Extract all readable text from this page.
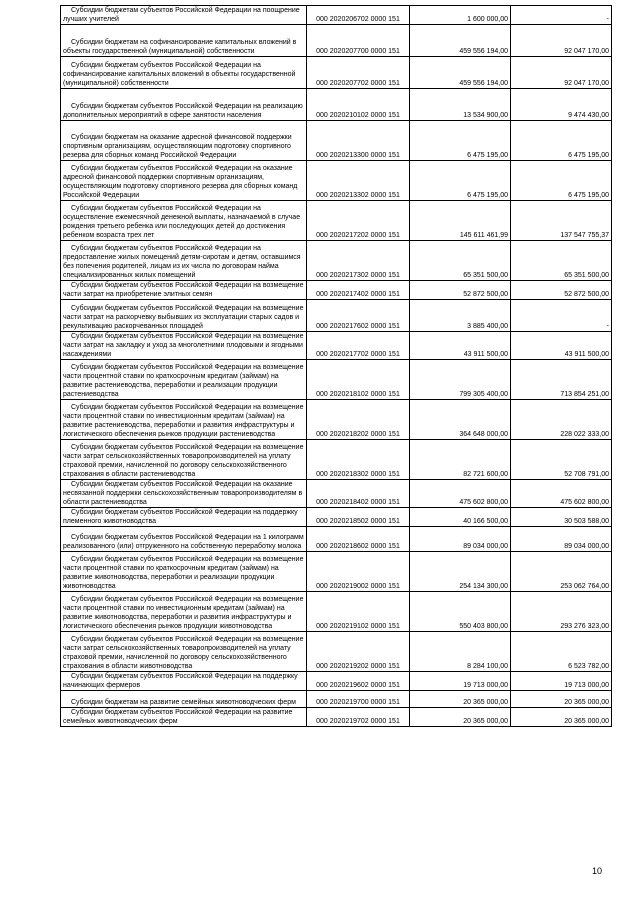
Субсидии бюджетам субъектов Российской Федерации на поощрение лучших учителей	000 2020206702 0000 151	1 600 000,00	-

Субсидии бюджетам на софинансирование капитальных вложений в объекты государственной (муниципальной) собственности	000 2020207700 0000 151	459 556 194,00	92 047 170,00

Субсидии бюджетам субъектов Российской Федерации на софинансирование капитальных вложений в объекты государственной (муниципальной) собственности	000 2020207702 0000 151	459 556 194,00	92 047 170,00

Субсидии бюджетам субъектов Российской Федерации на реализацию дополнительных мероприятий в сфере занятости населения	000 2020210102 0000 151	13 534 900,00	9 474 430,00

Субсидии бюджетам на оказание адресной финансовой поддержки спортивным организациям, осуществляющим подготовку спортивного резерва для сборных команд Российской Федерации	000 2020213300 0000 151	6 475 195,00	6 475 195,00

Субсидии бюджетам субъектов Российской Федерации на оказание адресной финансовой поддержки спортивным организациям, осуществляющим подготовку спортивного резерва для сборных команд Российской Федерации	000 2020213302 0000 151	6 475 195,00	6 475 195,00

Субсидии бюджетам субъектов Российской Федерации на осуществление ежемесячной денежной выплаты, назначаемой в случае рождения третьего ребенка или последующих детей до достижения ребенком возраста трех лет	000 2020217202 0000 151	145 611 461,99	137 547 755,37

Субсидии бюджетам субъектов Российской Федерации на предоставление жилых помещений детям-сиротам и детям, оставшимся без попечения родителей, лицам из их числа по договорам найма специализированных жилых помещений	000 2020217302 0000 151	65 351 500,00	65 351 500,00

Субсидии бюджетам субъектов Российской Федерации на возмещение части затрат на приобретение элитных семян	000 2020217402 0000 151	52 872 500,00	52 872 500,00

Субсидии бюджетам субъектов Российской Федерации на возмещение части затрат на раскорчевку выбывших из эксплуатации старых садов и рекультивацию раскорчеванных площадей	000 2020217602 0000 151	3 885 400,00	-

Субсидии бюджетам субъектов Российской Федерации на возмещение части затрат на закладку и уход за многолетними плодовыми и ягодными насаждениями	000 2020217702 0000 151	43 911 500,00	43 911 500,00

Субсидии бюджетам субъектов Российской Федерации на возмещение части процентной ставки по краткосрочным кредитам (займам) на развитие растениеводства, переработки и реализации продукции растениеводства	000 2020218102 0000 151	799 305 400,00	713 854 251,00

Субсидии бюджетам субъектов Российской Федерации на возмещение части процентной ставки по инвестиционным кредитам (займам) на развитие растениеводства, переработки и развития инфраструктуры и логистического обеспечения рынков продукции растениеводства	000 2020218202 0000 151	364 648 000,00	228 022 333,00

Субсидии бюджетам субъектов Российской Федерации на возмещение части затрат сельскохозяйственных товаропроизводителей на уплату страховой премии, начисленной по договору сельскохозяйственного страхования в области растениеводства	000 2020218302 0000 151	82 721 600,00	52 708 791,00

Субсидии бюджетам субъектов Российской Федерации на оказание несвязанной поддержки сельскохозяйственным товаропроизводителям в области растениеводства	000 2020218402 0000 151	475 602 800,00	475 602 800,00

Субсидии бюджетам субъектов Российской Федерации на поддержку племенного животноводства	000 2020218502 0000 151	40 166 500,00	30 503 588,00

Субсидии бюджетам субъектов Российской Федерации на 1 килограмм реализованного (или) отгруженного на собственную переработку молока	000 2020218602 0000 151	89 034 000,00	89 034 000,00

Субсидии бюджетам субъектов Российской Федерации на возмещение части процентной ставки по краткосрочным кредитам (займам) на развитие животноводства, переработки и реализации продукции животноводства	000 2020219002 0000 151	254 134 300,00	253 062 764,00

Субсидии бюджетам субъектов Российской Федерации на возмещение части процентной ставки по инвестиционным кредитам (займам) на развитие животноводства, переработки и развития инфраструктуры и логистического обеспечения рынков продукции животноводства	000 2020219102 0000 151	550 403 800,00	293 276 323,00

Субсидии бюджетам субъектов Российской Федерации на возмещение части затрат сельскохозяйственных товаропроизводителей на уплату страховой премии, начисленной по договору сельскохозяйственного страхования в области животноводства	000 2020219202 0000 151	8 284 100,00	6 523 782,00

Субсидии бюджетам субъектов Российской Федерации на поддержку начинающих фермеров	000 2020219602 0000 151	19 713 000,00	19 713 000,00

Субсидии бюджетам на развитие семейных животноводческих ферм	000 2020219700 0000 151	20 365 000,00	20 365 000,00

Субсидии бюджетам субъектов Российской Федерации на развитие семейных животноводческих ферм	000 2020219702 0000 151	20 365 000,00	20 365 000,00
10
